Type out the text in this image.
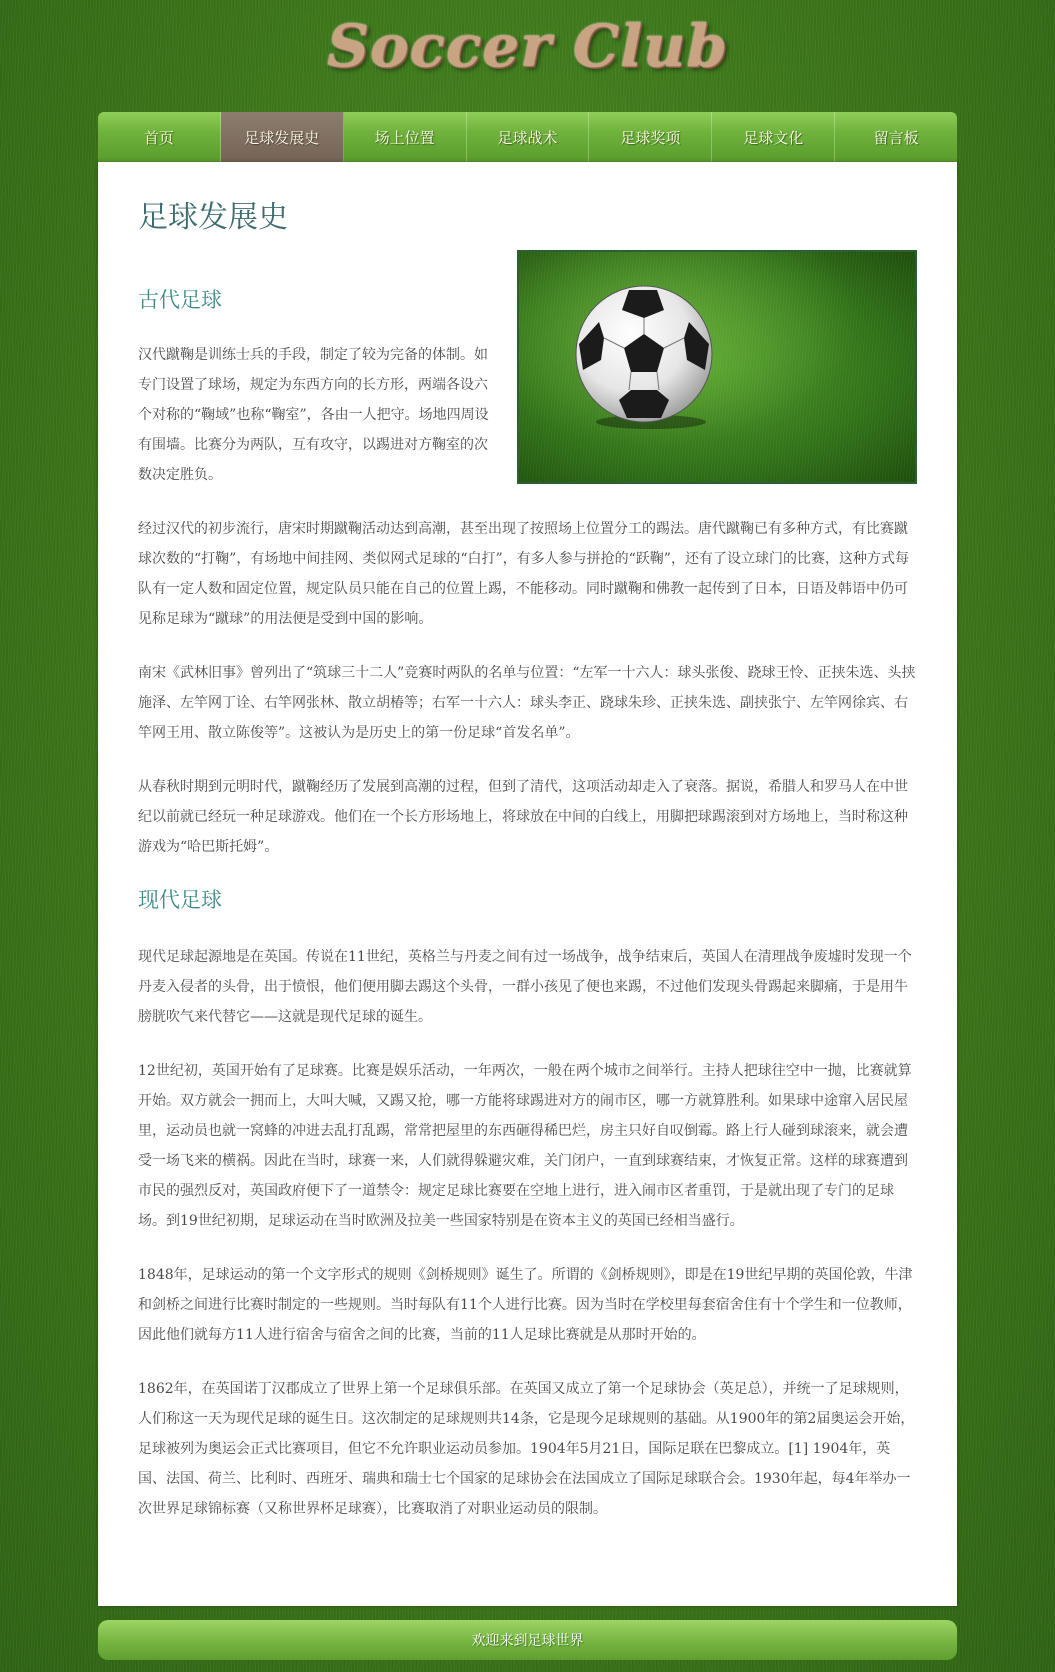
Soccer Club
首页	足球发展史	场上位置	足球战术	足球奖项	足球文化	留言板
足球发展史
古代足球

汉代蹴鞠是训练士兵的手段，制定了较为完备的体制。如专门设置了球场，规定为东西方向的长方形，两端各设六个对称的“鞠域”也称“鞠室”，各由一人把守。场地四周设有围墙。比赛分为两队，互有攻守，以踢进对方鞠室的次数决定胜负。

经过汉代的初步流行，唐宋时期蹴鞠活动达到高潮，甚至出现了按照场上位置分工的踢法。唐代蹴鞠已有多种方式，有比赛蹴球次数的“打鞠”，有场地中间挂网、类似网式足球的“白打”，有多人参与拼抢的“跃鞠”，还有了设立球门的比赛，这种方式每队有一定人数和固定位置，规定队员只能在自己的位置上踢，不能移动。同时蹴鞠和佛教一起传到了日本，日语及韩语中仍可见称足球为“蹴球”的用法便是受到中国的影响。

南宋《武林旧事》曾列出了“筑球三十二人”竞赛时两队的名单与位置：“左军一十六人：球头张俊、跷球王怜、正挟朱选、头挟施泽、左竿网丁诠、右竿网张林、散立胡椿等；右军一十六人：球头李正、跷球朱珍、正挟朱选、副挟张宁、左竿网徐宾、右竿网王用、散立陈俊等”。这被认为是历史上的第一份足球“首发名单”。

从春秋时期到元明时代，蹴鞠经历了发展到高潮的过程，但到了清代，这项活动却走入了衰落。据说，希腊人和罗马人在中世纪以前就已经玩一种足球游戏。他们在一个长方形场地上，将球放在中间的白线上，用脚把球踢滚到对方场地上，当时称这种游戏为“哈巴斯托姆”。

现代足球

现代足球起源地是在英国。传说在11世纪，英格兰与丹麦之间有过一场战争，战争结束后，英国人在清理战争废墟时发现一个丹麦入侵者的头骨，出于愤恨，他们便用脚去踢这个头骨，一群小孩见了便也来踢，不过他们发现头骨踢起来脚痛，于是用牛膀胱吹气来代替它——这就是现代足球的诞生。

12世纪初，英国开始有了足球赛。比赛是娱乐活动，一年两次，一般在两个城市之间举行。主持人把球往空中一抛，比赛就算开始。双方就会一拥而上，大叫大喊，又踢又抢，哪一方能将球踢进对方的闹市区，哪一方就算胜利。如果球中途窜入居民屋里，运动员也就一窝蜂的冲进去乱打乱踢，常常把屋里的东西砸得稀巴烂，房主只好自叹倒霉。路上行人碰到球滚来，就会遭受一场飞来的横祸。因此在当时，球赛一来，人们就得躲避灾难，关门闭户，一直到球赛结束，才恢复正常。这样的球赛遭到市民的强烈反对，英国政府便下了一道禁令：规定足球比赛要在空地上进行，进入闹市区者重罚，于是就出现了专门的足球场。到19世纪初期，足球运动在当时欧洲及拉美一些国家特别是在资本主义的英国已经相当盛行。

1848年，足球运动的第一个文字形式的规则《剑桥规则》诞生了。所谓的《剑桥规则》，即是在19世纪早期的英国伦敦，牛津和剑桥之间进行比赛时制定的一些规则。当时每队有11个人进行比赛。因为当时在学校里每套宿舍住有十个学生和一位教师，因此他们就每方11人进行宿舍与宿舍之间的比赛，当前的11人足球比赛就是从那时开始的。

1862年，在英国诺丁汉郡成立了世界上第一个足球俱乐部。在英国又成立了第一个足球协会（英足总），并统一了足球规则，人们称这一天为现代足球的诞生日。这次制定的足球规则共14条，它是现今足球规则的基础。从1900年的第2届奥运会开始，足球被列为奥运会正式比赛项目，但它不允许职业运动员参加。1904年5月21日，国际足联在巴黎成立。[1] 1904年，英国、法国、荷兰、比利时、西班牙、瑞典和瑞士七个国家的足球协会在法国成立了国际足球联合会。1930年起，每4年举办一次世界足球锦标赛（又称世界杯足球赛），比赛取消了对职业运动员的限制。

欢迎来到足球世界
